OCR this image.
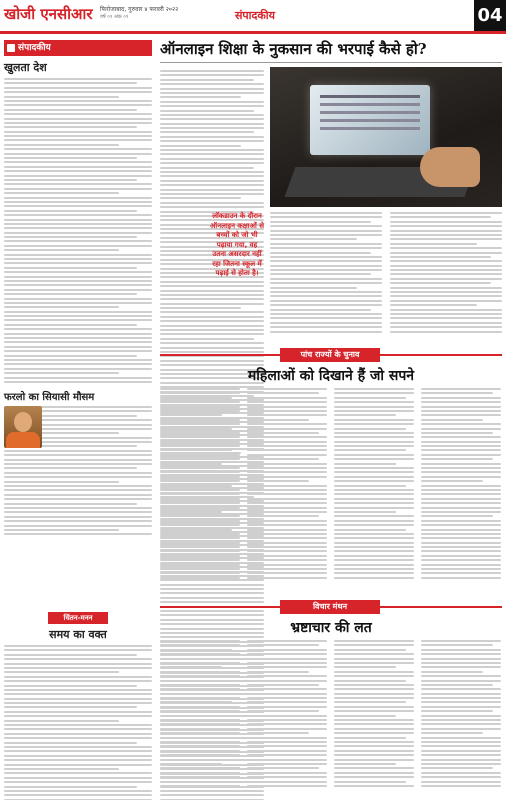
खोजी एनसीआर फिरोजाबाद, गुरुवार ४ फरवरी २०२२
वर्ष ०१ अंक ०१	संपादकीय	04
संपादकीय
खुलता देश
फरलो का सियासी मौसम
ऑनलाइन शिक्षा के नुकसान की भरपाई कैसे हो?
लॉकडाउन के दौरान ऑनलाइन कक्षाओं से बच्चों को जो भी पढ़ाया गया, वह उतना असरदार नहीं रहा जितना स्कूल में पढ़ाई से होता है।
पांच राज्यों के चुनाव
महिलाओं को दिखाने हैं जो सपने
विचार मंथन
भ्रष्टाचार की लत
चिंतन-मनन
समय का वक्त
